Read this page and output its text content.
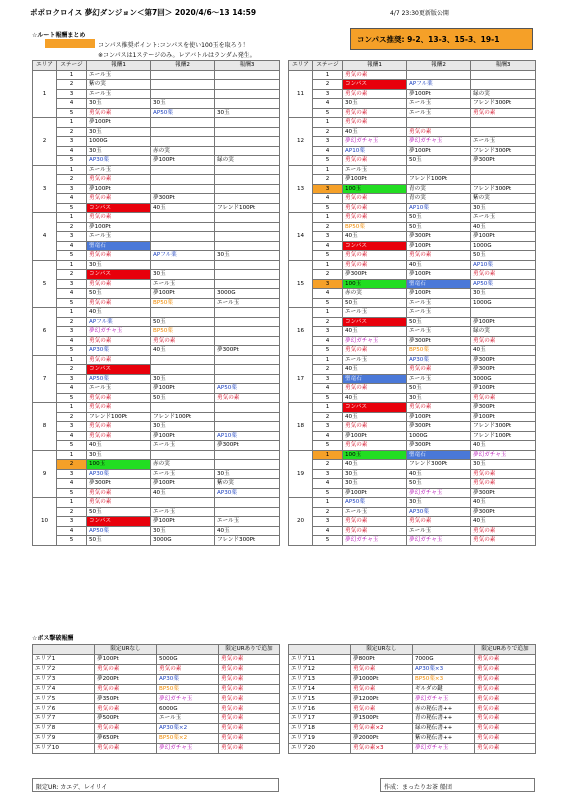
ポポロクロイス 夢幻ダンジョン＜第7回＞ 2020/4/6〜13 14:59	4/7 23:30更新版公開
☆ルート報酬まとめ
コンパス推奨ポイント:コンパスを使い100玉を取ろう！
※コンパスは1ステージのみ。レアバトルはランダム発生。
コンパス推奨: 9-2、13-3、15-3、19-1
エリア	ステージ	報酬1	報酬2	報酬3
1	1	エール玉		
	2	紫の実		
	3	エール玉		
	4	30玉	30玉	
	5	勇気の素	AP50薬	30玉
2	1	夢100Pt		
	2	30玉		
	3	1000G		
	4	30玉	赤の実	
	5	AP30薬	夢100Pt	緑の実
3	1	エール玉		
	2	勇気の素		
	3	夢100Pt		
	4	勇気の素	夢300Pt	
	5	コンパス	40玉	フレンド100Pt
4	1	勇気の素		
	2	夢100Pt		
	3	エール玉		
	4	聖竜石		
	5	勇気の素	APフル薬	30玉
5	1	30玉		
	2	コンパス	30玉	
	3	勇気の素	エール玉	
	4	50玉	夢100Pt	3000G
	5	勇気の素	BP50薬	エール玉
6	1	40玉		
	2	APフル薬	50玉	
	3	夢幻ガチャ玉	BP50薬	
	4	勇気の素	勇気の素	
	5	AP30薬	40玉	夢300Pt
7	1	勇気の素		
	2	コンパス		
	3	AP50薬	30玉	
	4	エール玉	夢100Pt	AP50薬
	5	勇気の素	50玉	勇気の素
8	1	勇気の素		
	2	フレンド100Pt	フレンド100Pt	
	3	勇気の素	30玉	
	4	勇気の素	夢100Pt	AP10薬
	5	40玉	エール玉	夢300Pt
9	1	30玉		
	2	100玉	赤の実	
	3	AP30薬	エール玉	30玉
	4	夢300Pt	夢100Pt	紫の実
	5	勇気の素	40玉	AP30薬
10	1	勇気の素		
	2	50玉	エール玉	
	3	コンパス	夢100Pt	エール玉
	4	AP50薬	30玉	40玉
	5	50玉	3000G	フレンド300Pt
エリア	ステージ	報酬1	報酬2	報酬3
11	1	勇気の素		
	2	コンパス	APフル薬	
	3	勇気の素	夢100Pt	緑の実
	4	30玉	エール玉	フレンド300Pt
	5	勇気の素	エール玉	勇気の素
12	1	勇気の素		
	2	40玉	勇気の素	
	3	夢幻ガチャ玉	夢幻ガチャ玉	エール玉
	4	AP10薬	夢100Pt	フレンド300Pt
	5	勇気の素	50玉	夢300Pt
13	1	エール玉		
	2	夢100Pt	フレンド100Pt	
	3	100玉	青の実	フレンド300Pt
	4	勇気の素	青の実	紫の実
	5	勇気の素	AP10薬	30玉
14	1	勇気の素	50玉	エール玉
	2	BP50薬	50玉	40玉
	3	40玉	夢300Pt	夢100Pt
	4	コンパス	夢100Pt	1000G
	5	勇気の素	勇気の素	50玉
15	1	勇気の素	40玉	AP10薬
	2	夢300Pt	夢100Pt	勇気の素
	3	100玉	聖竜石	AP50薬
	4	赤の実	夢100Pt	30玉
	5	50玉	エール玉	1000G
16	1	エール玉	エール玉	
	2	コンパス	50玉	夢100Pt
	3	40玉	エール玉	緑の実
	4	夢幻ガチャ玉	夢300Pt	勇気の素
	5	勇気の素	BP50薬	40玉
17	1	エール玉	AP30薬	夢300Pt
	2	40玉	勇気の素	夢300Pt
	3	聖竜石	エール玉	3000G
	4	勇気の素	50玉	夢100Pt
	5	40玉	30玉	勇気の素
18	1	コンパス	勇気の素	夢300Pt
	2	40玉	夢100Pt	夢100Pt
	3	勇気の素	夢300Pt	フレンド300Pt
	4	夢100Pt	1000G	フレンド100Pt
	5	勇気の素	夢300Pt	40玉
19	1	100玉	聖竜石	夢幻ガチャ玉
	2	40玉	フレンド300Pt	30玉
	3	30玉	40玉	勇気の素
	4	30玉	50玉	勇気の素
	5	夢100Pt	夢幻ガチャ玉	夢300Pt
20	1	AP50薬	30玉	40玉
	2	エール玉	AP30薬	夢300Pt
	3	勇気の素	勇気の素	40玉
	4	勇気の素	エール玉	勇気の素
	5	夢幻ガチャ玉	夢幻ガチャ玉	勇気の素
☆ボス撃破報酬
	限定URなし		限定URありで追加
エリア1	夢100Pt	5000G	勇気の素
エリア2	勇気の素	勇気の素	勇気の素
エリア3	夢200Pt	AP30薬	勇気の素
エリア4	勇気の素	BP50薬	勇気の素
エリア5	夢350Pt	夢幻ガチャ玉	勇気の素
エリア6	勇気の素	6000G	勇気の素
エリア7	夢500Pt	エール玉	勇気の素
エリア8	勇気の素	AP30薬×2	勇気の素
エリア9	夢650Pt	BP50薬×2	勇気の素
エリア10	勇気の素	夢幻ガチャ玉	勇気の素
	限定URなし		限定URありで追加
エリア11	夢800Pt	7000G	勇気の素
エリア12	勇気の素	AP30薬×3	勇気の素
エリア13	夢1000Pt	BP50薬×3	勇気の素
エリア14	勇気の素	ギルダの鍵	勇気の素
エリア15	夢1200Pt	夢幻ガチャ玉	勇気の素
エリア16	勇気の素	赤の秘伝書++	勇気の素
エリア17	夢1500Pt	青の秘伝書++	勇気の素
エリア18	勇気の素×2	緑の秘伝書++	勇気の素
エリア19	夢2000Pt	紫の秘伝書++	勇気の素
エリア20	勇気の素×3	夢幻ガチャ玉	勇気の素
限定UR: カエデ、レイリイ	作成：まったりお茶 船団
